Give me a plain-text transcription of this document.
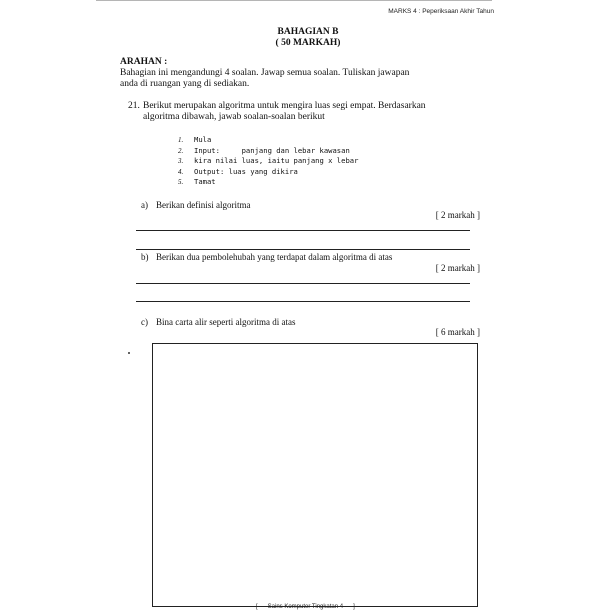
MARKS 4 : Peperiksaan Akhir Tahun
BAHAGIAN B
( 50 MARKAH)
ARAHAN :
Bahagian ini mengandungi 4 soalan. Jawap semua soalan. Tuliskan jawapan
anda di ruangan yang di sediakan.
21. Berikut merupakan algoritma untuk mengira luas segi empat. Berdasarkan
algoritma dibawah, jawab soalan-soalan berikut
1. Mula
2. Input:     panjang dan lebar kawasan
3. kira nilai luas, iaitu panjang x lebar
4. Output: luas yang dikira
5. Tamat
a) Berikan definisi algoritma
[ 2 markah ]
b) Berikan dua pembolehubah yang terdapat dalam algoritma di atas
[ 2 markah ]
c) Bina carta alir seperti algoritma di atas
[ 6 markah ]
[ Sains Komputer Tingkatan 4 ]
